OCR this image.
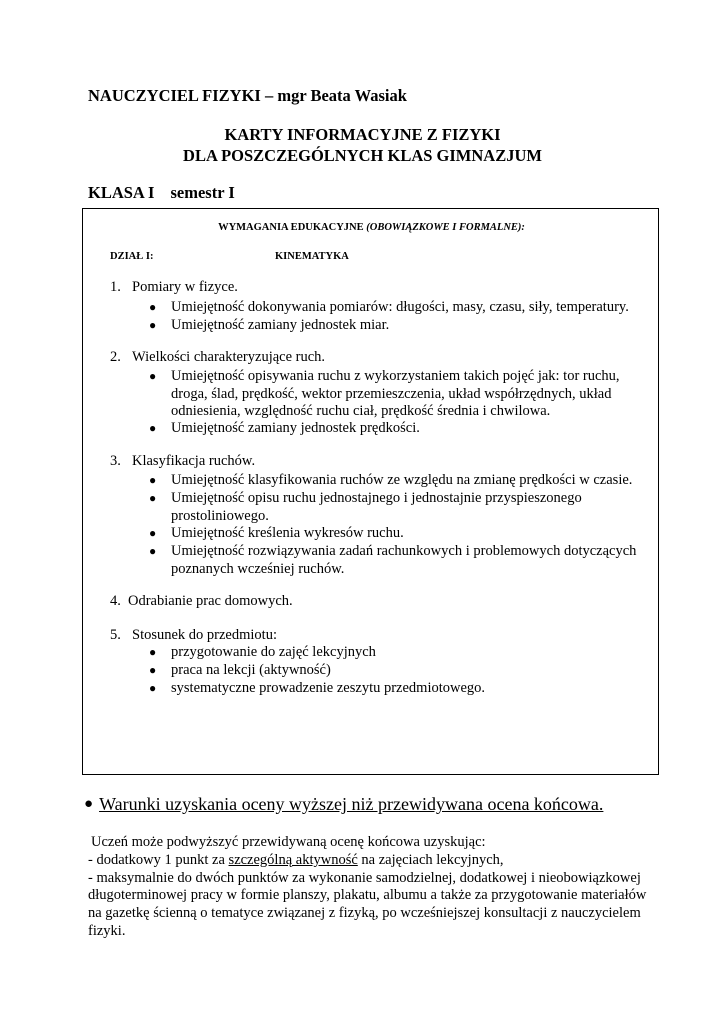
NAUCZYCIEL FIZYKI – mgr Beata Wasiak
KARTY INFORMACYJNE Z FIZYKI
DLA POSZCZEGÓLNYCH KLAS GIMNAZJUM
KLASA I semestr I
WYMAGANIA EDUKACYJNE (OBOWIĄZKOWE I FORMALNE):
DZIAŁ I:	KINEMATYKA
1. Pomiary w fizyce.
● Umiejętność dokonywania pomiarów: długości, masy, czasu, siły, temperatury.
● Umiejętność zamiany jednostek miar.
2. Wielkości charakteryzujące ruch.
● Umiejętność opisywania ruchu z wykorzystaniem takich pojęć jak: tor ruchu,
droga, ślad, prędkość, wektor przemieszczenia, układ współrzędnych, układ
odniesienia, względność ruchu ciał, prędkość średnia i chwilowa.
● Umiejętność zamiany jednostek prędkości.
3. Klasyfikacja ruchów.
● Umiejętność klasyfikowania ruchów ze względu na zmianę prędkości w czasie.
● Umiejętność opisu ruchu jednostajnego i jednostajnie przyspieszonego
prostoliniowego.
● Umiejętność kreślenia wykresów ruchu.
● Umiejętność rozwiązywania zadań rachunkowych i problemowych dotyczących
poznanych wcześniej ruchów.
4. Odrabianie prac domowych.
5. Stosunek do przedmiotu:
● przygotowanie do zajęć lekcyjnych
● praca na lekcji (aktywność)
● systematyczne prowadzenie zeszytu przedmiotowego.
● Warunki uzyskania oceny wyższej niż przewidywana ocena końcowa.

Uczeń może podwyższyć przewidywaną ocenę końcowa uzyskując:

- dodatkowy 1 punkt za szczególną aktywność na zajęciach lekcyjnych,

- maksymalnie do dwóch punktów za wykonanie samodzielnej, dodatkowej i nieobowiązkowej

długoterminowej pracy w formie planszy, plakatu, albumu a także za przygotowanie materiałów

na gazetkę ścienną o tematyce związanej z fizyką, po wcześniejszej konsultacji z nauczycielem

fizyki.
